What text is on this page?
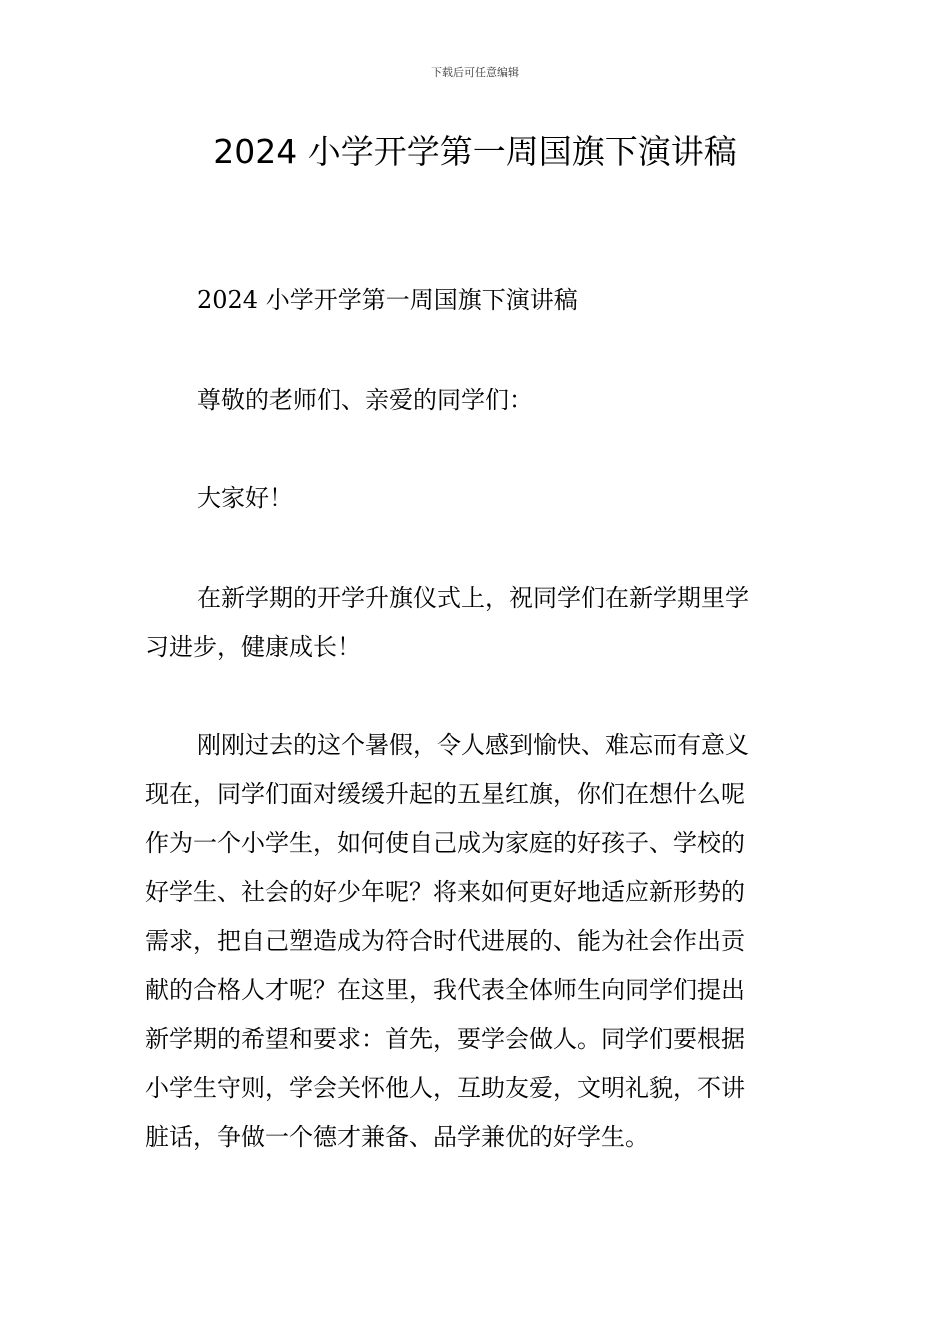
下载后可任意编辑
2024 小学开学第一周国旗下演讲稿
2024 小学开学第一周国旗下演讲稿
尊敬的老师们、亲爱的同学们：
大家好！
在新学期的开学升旗仪式上，祝同学们在新学期里学
习进步，健康成长！
刚刚过去的这个暑假，令人感到愉快、难忘而有意义
现在，同学们面对缓缓升起的五星红旗，你们在想什么呢
作为一个小学生，如何使自己成为家庭的好孩子、学校的
好学生、社会的好少年呢？将来如何更好地适应新形势的
需求，把自己塑造成为符合时代进展的、能为社会作出贡
献的合格人才呢？在这里，我代表全体师生向同学们提出
新学期的希望和要求：首先，要学会做人。同学们要根据
小学生守则，学会关怀他人，互助友爱，文明礼貌，不讲
脏话，争做一个德才兼备、品学兼优的好学生。
